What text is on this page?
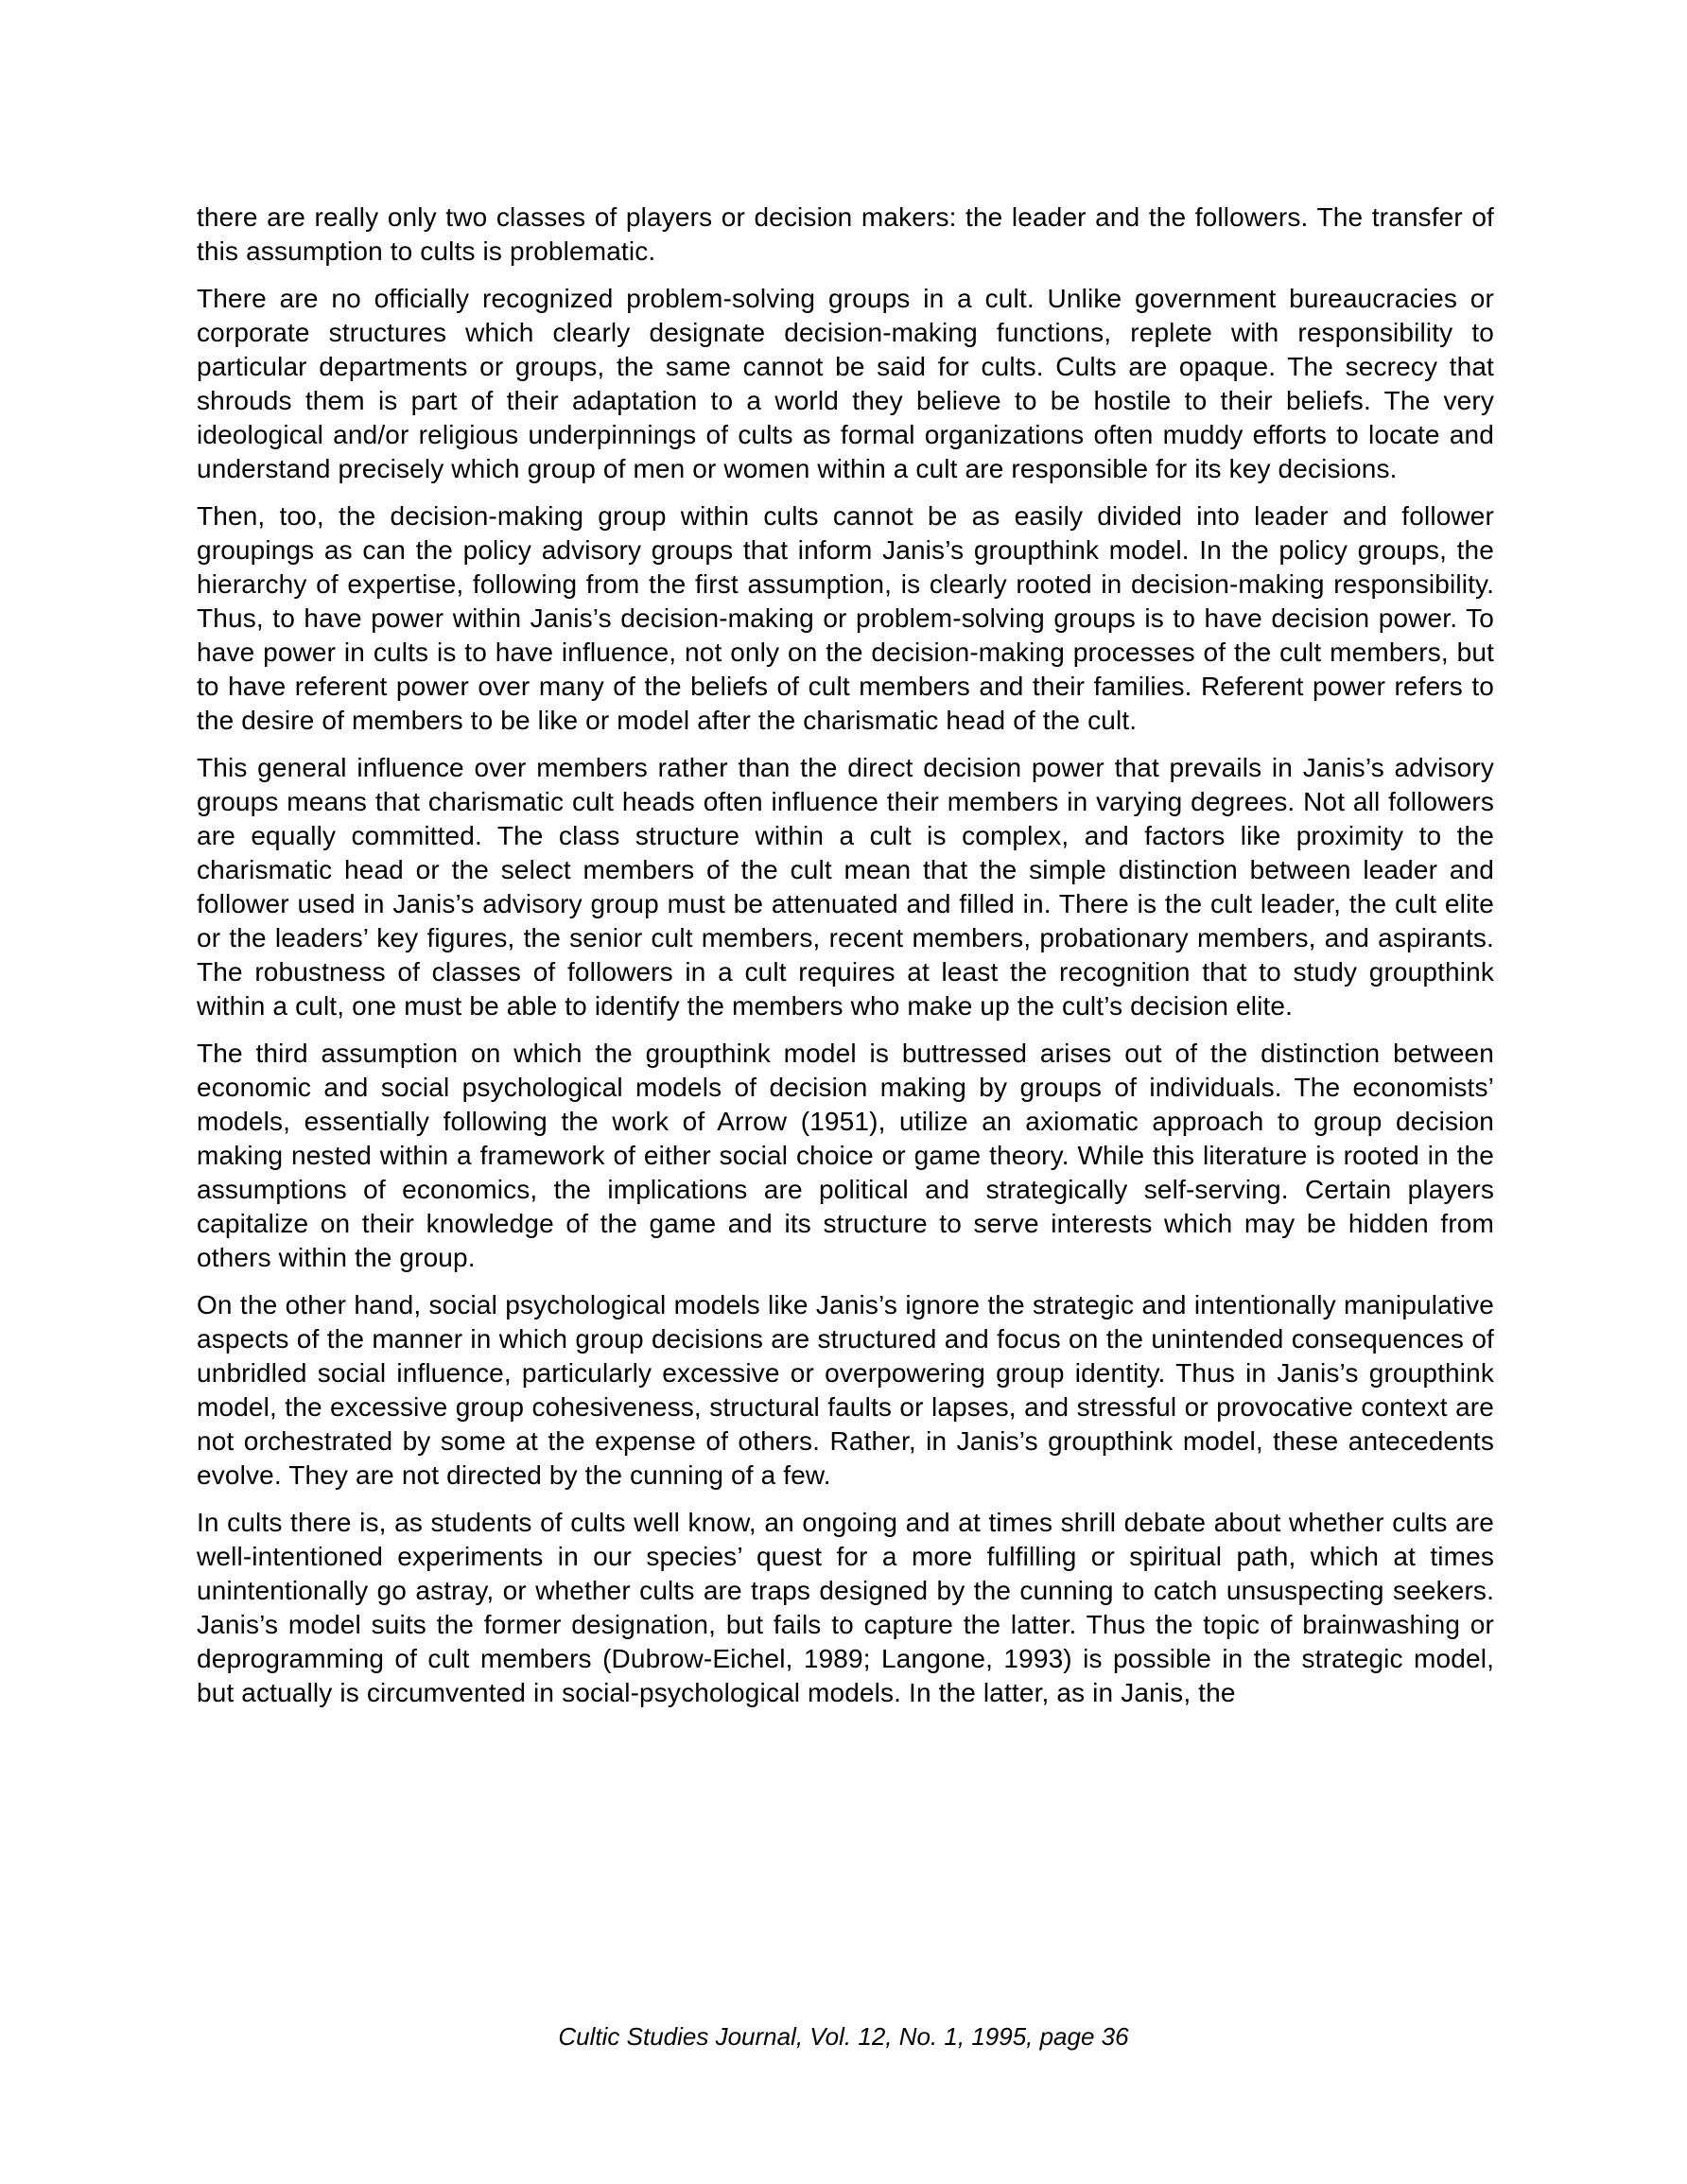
there are really only two classes of players or decision makers: the leader and the followers. The transfer of this assumption to cults is problematic.

There are no officially recognized problem-solving groups in a cult. Unlike government bureaucracies or corporate structures which clearly designate decision-making functions, replete with responsibility to particular departments or groups, the same cannot be said for cults. Cults are opaque. The secrecy that shrouds them is part of their adaptation to a world they believe to be hostile to their beliefs. The very ideological and/or religious underpinnings of cults as formal organizations often muddy efforts to locate and understand precisely which group of men or women within a cult are responsible for its key decisions.

Then, too, the decision-making group within cults cannot be as easily divided into leader and follower groupings as can the policy advisory groups that inform Janis’s groupthink model. In the policy groups, the hierarchy of expertise, following from the first assumption, is clearly rooted in decision-making responsibility. Thus, to have power within Janis’s decision-making or problem-solving groups is to have decision power. To have power in cults is to have influence, not only on the decision-making processes of the cult members, but to have referent power over many of the beliefs of cult members and their families. Referent power refers to the desire of members to be like or model after the charismatic head of the cult.

This general influence over members rather than the direct decision power that prevails in Janis’s advisory groups means that charismatic cult heads often influence their members in varying degrees. Not all followers are equally committed. The class structure within a cult is complex, and factors like proximity to the charismatic head or the select members of the cult mean that the simple distinction between leader and follower used in Janis’s advisory group must be attenuated and filled in. There is the cult leader, the cult elite or the leaders’ key figures, the senior cult members, recent members, probationary members, and aspirants. The robustness of classes of followers in a cult requires at least the recognition that to study groupthink within a cult, one must be able to identify the members who make up the cult’s decision elite.

The third assumption on which the groupthink model is buttressed arises out of the distinction between economic and social psychological models of decision making by groups of individuals. The economists’ models, essentially following the work of Arrow (1951), utilize an axiomatic approach to group decision making nested within a framework of either social choice or game theory. While this literature is rooted in the assumptions of economics, the implications are political and strategically self-serving. Certain players capitalize on their knowledge of the game and its structure to serve interests which may be hidden from others within the group.

On the other hand, social psychological models like Janis’s ignore the strategic and intentionally manipulative aspects of the manner in which group decisions are structured and focus on the unintended consequences of unbridled social influence, particularly excessive or overpowering group identity. Thus in Janis’s groupthink model, the excessive group cohesiveness, structural faults or lapses, and stressful or provocative context are not orchestrated by some at the expense of others. Rather, in Janis’s groupthink model, these antecedents evolve. They are not directed by the cunning of a few.

In cults there is, as students of cults well know, an ongoing and at times shrill debate about whether cults are well-intentioned experiments in our species’ quest for a more fulfilling or spiritual path, which at times unintentionally go astray, or whether cults are traps designed by the cunning to catch unsuspecting seekers. Janis’s model suits the former designation, but fails to capture the latter. Thus the topic of brainwashing or deprogramming of cult members (Dubrow-Eichel, 1989; Langone, 1993) is possible in the strategic model, but actually is circumvented in social-psychological models. In the latter, as in Janis, the

Cultic Studies Journal, Vol. 12, No. 1, 1995, page 36
